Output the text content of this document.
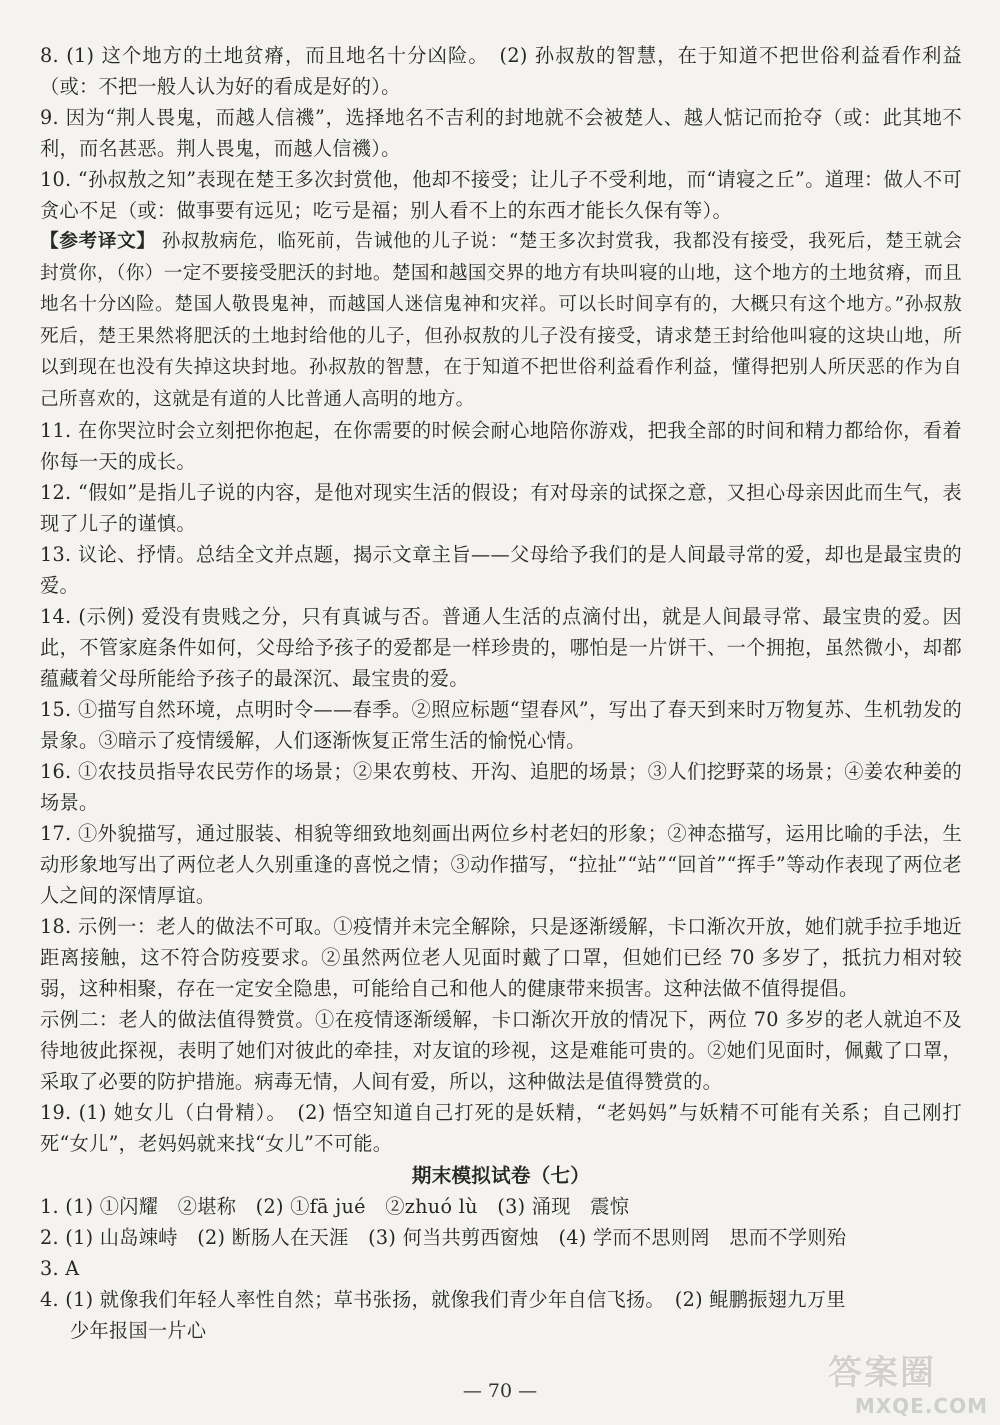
8. (1) 这个地方的土地贫瘠，而且地名十分凶险。　(2) 孙叔敖的智慧，在于知道不把世俗利益看作利益（或：不把一般人认为好的看成是好的）。

9. 因为“荆人畏鬼，而越人信禨”，选择地名不吉利的封地就不会被楚人、越人惦记而抢夺（或：此其地不利，而名甚恶。荆人畏鬼，而越人信禨）。

10. “孙叔敖之知”表现在楚王多次封赏他，他却不接受；让儿子不受利地，而“请寝之丘”。道理：做人不可贪心不足（或：做事要有远见；吃亏是福；别人看不上的东西才能长久保有等）。

【参考译文】 孙叔敖病危，临死前，告诫他的儿子说：“楚王多次封赏我，我都没有接受，我死后，楚王就会封赏你，（你）一定不要接受肥沃的封地。楚国和越国交界的地方有块叫寝的山地，这个地方的土地贫瘠，而且地名十分凶险。楚国人敬畏鬼神，而越国人迷信鬼神和灾祥。可以长时间享有的，大概只有这个地方。”孙叔敖死后，楚王果然将肥沃的土地封给他的儿子，但孙叔敖的儿子没有接受，请求楚王封给他叫寝的这块山地，所以到现在也没有失掉这块封地。孙叔敖的智慧，在于知道不把世俗利益看作利益，懂得把别人所厌恶的作为自己所喜欢的，这就是有道的人比普通人高明的地方。

11. 在你哭泣时会立刻把你抱起，在你需要的时候会耐心地陪你游戏，把我全部的时间和精力都给你，看着你每一天的成长。

12. “假如”是指儿子说的内容，是他对现实生活的假设；有对母亲的试探之意，又担心母亲因此而生气，表现了儿子的谨慎。

13. 议论、抒情。总结全文并点题，揭示文章主旨——父母给予我们的是人间最寻常的爱，却也是最宝贵的爱。

14. (示例) 爱没有贵贱之分，只有真诚与否。普通人生活的点滴付出，就是人间最寻常、最宝贵的爱。因此，不管家庭条件如何，父母给予孩子的爱都是一样珍贵的，哪怕是一片饼干、一个拥抱，虽然微小，却都蕴藏着父母所能给予孩子的最深沉、最宝贵的爱。

15. ①描写自然环境，点明时令——春季。②照应标题“望春风”，写出了春天到来时万物复苏、生机勃发的景象。③暗示了疫情缓解，人们逐渐恢复正常生活的愉悦心情。

16. ①农技员指导农民劳作的场景；②果农剪枝、开沟、追肥的场景；③人们挖野菜的场景；④姜农种姜的场景。

17. ①外貌描写，通过服装、相貌等细致地刻画出两位乡村老妇的形象；②神态描写，运用比喻的手法，生动形象地写出了两位老人久别重逢的喜悦之情；③动作描写，“拉扯”“站”“回首”“挥手”等动作表现了两位老人之间的深情厚谊。

18. 示例一：老人的做法不可取。①疫情并未完全解除，只是逐渐缓解，卡口渐次开放，她们就手拉手地近距离接触，这不符合防疫要求。②虽然两位老人见面时戴了口罩，但她们已经 70 多岁了，抵抗力相对较弱，这种相聚，存在一定安全隐患，可能给自己和他人的健康带来损害。这种法做不值得提倡。

示例二：老人的做法值得赞赏。①在疫情逐渐缓解，卡口渐次开放的情况下，两位 70 多岁的老人就迫不及待地彼此探视，表明了她们对彼此的牵挂，对友谊的珍视，这是难能可贵的。②她们见面时，佩戴了口罩，采取了必要的防护措施。病毒无情，人间有爱，所以，这种做法是值得赞赏的。

19. (1) 她女儿（白骨精）。　(2) 悟空知道自己打死的是妖精，“老妈妈”与妖精不可能有关系；自己刚打死“女儿”，老妈妈就来找“女儿”不可能。

期末模拟试卷（七）

1. (1) ①闪耀　②堪称　(2) ①fā jué　②zhuó lù　(3) 涌现　震惊

2. (1) 山岛竦峙　(2) 断肠人在天涯　(3) 何当共剪西窗烛　(4) 学而不思则罔　思而不学则殆

3. A

4. (1) 就像我们年轻人率性自然；草书张扬，就像我们青少年自信飞扬。　(2) 鲲鹏振翅九万里

少年报国一片心

— 70 —	答案圈
MXQE.COM
